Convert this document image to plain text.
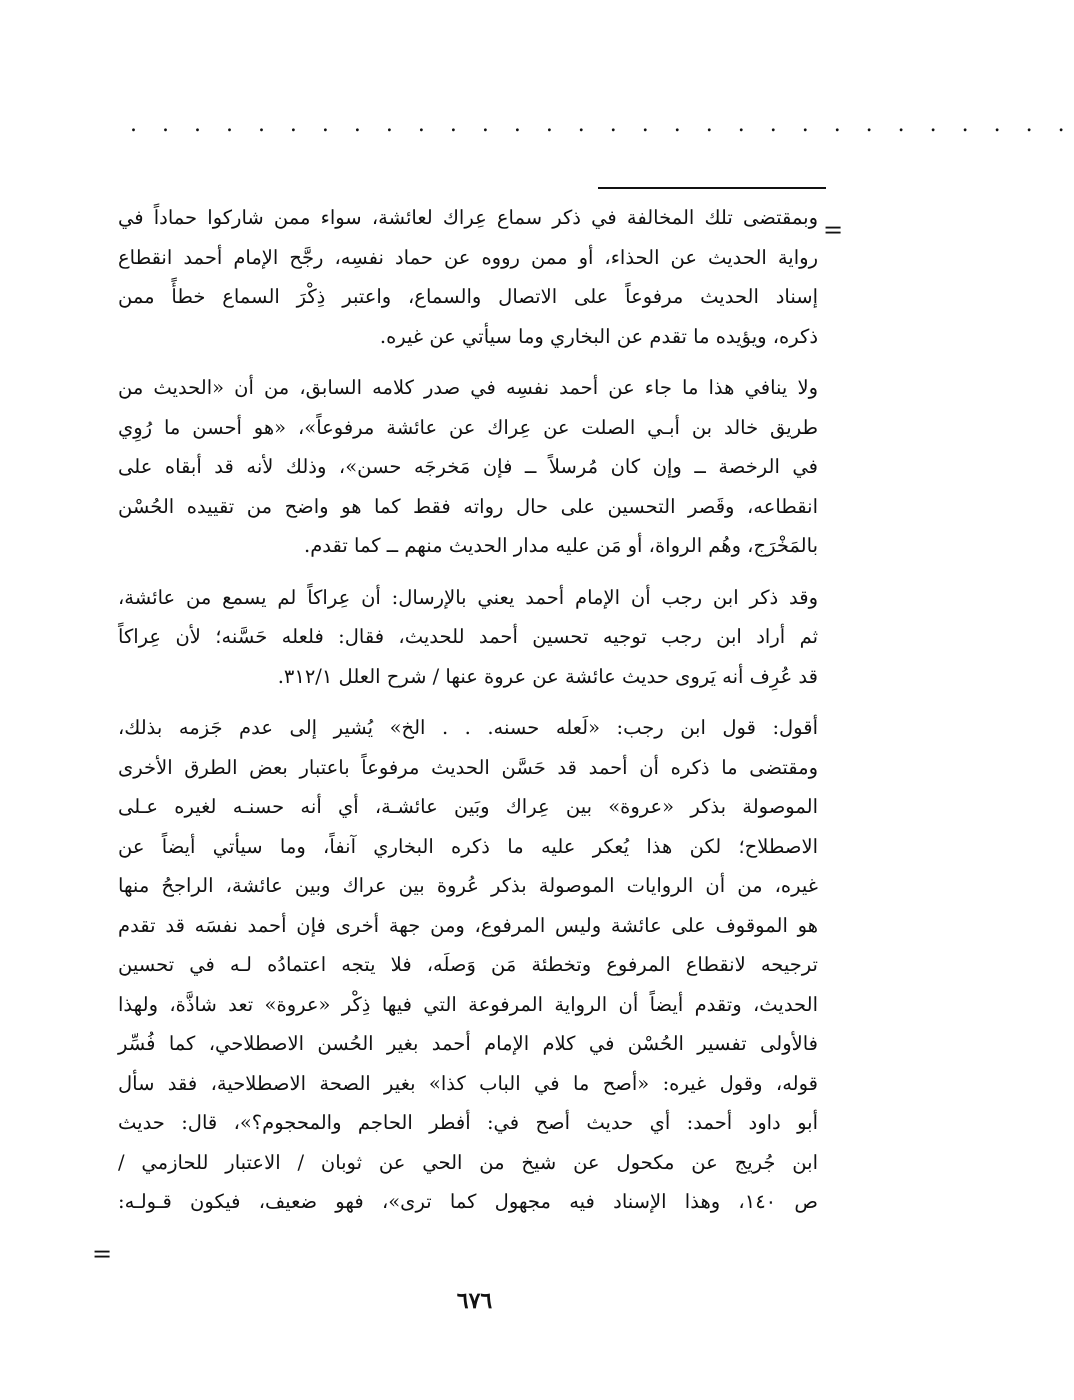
. . . . . . . . . . . . . . . . . . . . . . . . . . . . . .
=

وبمقتضى تلك المخالفة في ذكر سماع عِراك لعائشة، سواء ممن شاركوا حماداً في
رواية الحديث عن الحذاء، أو ممن رووه عن حماد نفسِه، رجَّح الإمام أحمد انقطاع
إسناد الحديث مرفوعاً على الاتصال والسماع، واعتبر ذِكْرَ السماع خطأً ممن
ذكره، ويؤيده ما تقدم عن البخاري وما سيأتي عن غيره.

ولا ينافي هذا ما جاء عن أحمد نفسِه في صدر كلامه السابق، من أن «الحديث من
طريق خالد بن أبـي الصلت عن عِراك عن عائشة مرفوعاً»، «هو أحسن ما رُوِي
في الرخصة ــ وإن كان مُرسلاً ــ فإن مَخرجَه حسن»، وذلك لأنه قد أبقاه على
انقطاعه، وقَصر التحسين على حال رواته فقط كما هو واضح من تقييده الحُسْن
بالمَخْرَج، وهُم الرواة، أو مَن عليه مدار الحديث منهم ــ كما تقدم.

وقد ذكر ابن رجب أن الإمام أحمد يعني بالإرسال: أن عِراكاً لم يسمع من عائشة،
ثم أراد ابن رجب توجيه تحسين أحمد للحديث، فقال: فلعله حَسَّنه؛ لأن عِراكاً
قد عُرِف أنه يَروى حديث عائشة عن عروة عنها / شرح العلل ٣١٢/١.

أقول: قول ابن رجب: «لَعله حسنه. . . الخ» يُشير إلى عدم جَزمه بذلك،
ومقتضى ما ذكره أن أحمد قد حَسَّن الحديث مرفوعاً باعتبار بعض الطرق الأخرى
الموصولة بذكر «عروة» بين عِراك وبَين عائشـة، أي أنه حسنـه لغيره عـلى
الاصطلاح؛ لكن هذا يُعكر عليه ما ذكره البخاري آنفاً، وما سيأتي أيضاً عن
غيره، من أن الروايات الموصولة بذكر عُروة بين عراك وبين عائشة، الراجحُ منها
هو الموقوف على عائشة وليس المرفوع، ومن جهة أخرى فإن أحمد نفسَه قد تقدم
ترجيحه لانقطاع المرفوع وتخطئة مَن وَصلَه، فلا يتجه اعتمادُه لـه في تحسين
الحديث، وتقدم أيضاً أن الرواية المرفوعة التي فيها ذِكْر «عروة» تعد شاذَّة، ولهذا
فالأولى تفسير الحُسْن في كلام الإمام أحمد بغير الحُسن الاصطلاحي، كما فُسِّر
قوله، وقول غيره: «أصح ما في الباب كذا» بغير الصحة الاصطلاحية، فقد سأل
أبو داود أحمد: أي حديث أصح في: أفطر الحاجم والمحجوم؟»، قال: حديث
ابن جُريج عن مكحول عن شيخ من الحي عن ثوبان / الاعتبار للحازمي /
ص ١٤٠، وهذا الإسناد فيه مجهول كما ترى»، فهو ضعيف، فيكون قـولـه:

=
٦٧٦
